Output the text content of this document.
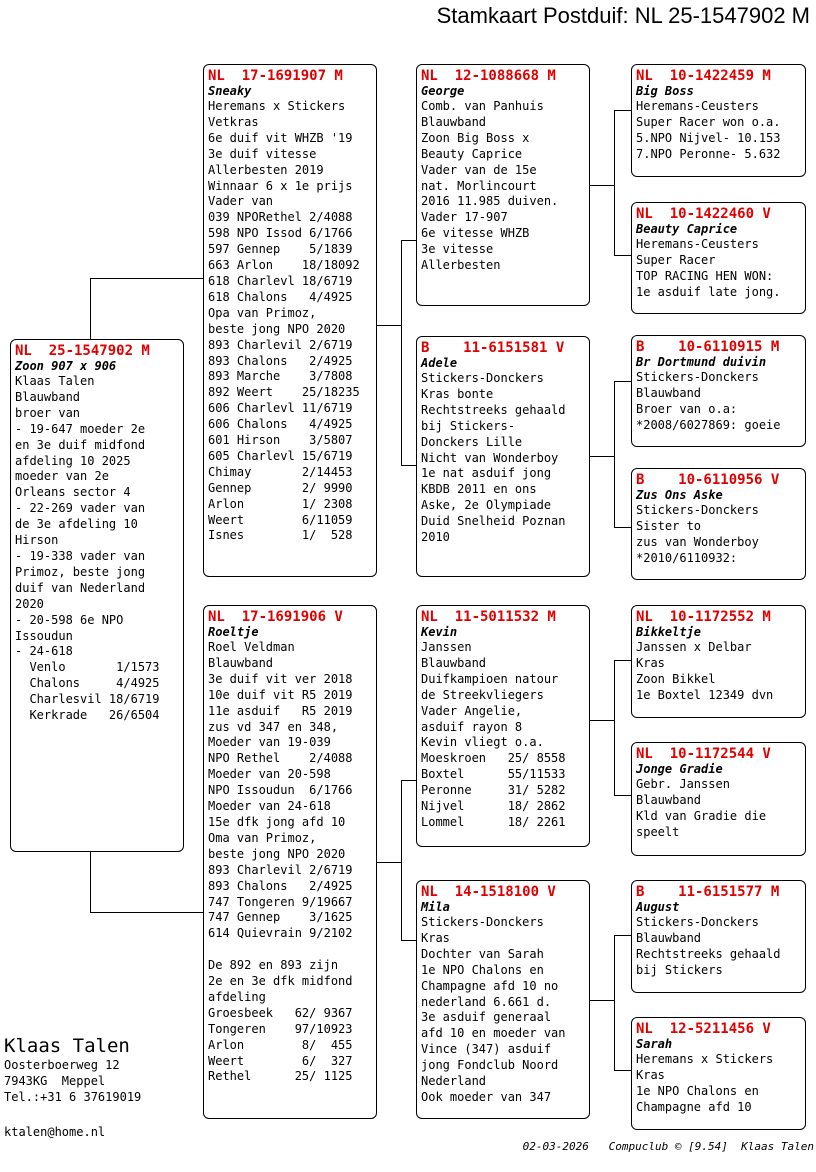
Stamkaart Postduif: NL 25-1547902 M
NL  25-1547902 M
Zoon 907 x 906
Klaas Talen
Blauwband
broer van
- 19-647 moeder 2e
en 3e duif midfond
afdeling 10 2025
moeder van 2e
Orleans sector 4
- 22-269 vader van
de 3e afdeling 10
Hirson
- 19-338 vader van
Primoz, beste jong
duif van Nederland
2020
- 20-598 6e NPO
Issoudun
- 24-618
Venlo       1/1573
Chalons     4/4925
Charlesvil 18/6719
Kerkrade   26/6504
NL  17-1691907 M
Sneaky
Heremans x Stickers
Vetkras
6e duif vit WHZB '19
3e duif vitesse
Allerbesten 2019
Winnaar 6 x 1e prijs
Vader van
039 NPORethel 2/4088
598 NPO Issod 6/1766
597 Gennep    5/1839
663 Arlon    18/18092
618 Charlevl 18/6719
618 Chalons   4/4925
Opa van Primoz,
beste jong NPO 2020
893 Charlevil 2/6719
893 Chalons   2/4925
893 Marche    3/7808
892 Weert    25/18235
606 Charlevl 11/6719
606 Chalons   4/4925
601 Hirson    3/5807
605 Charlevl 15/6719
Chimay       2/14453
Gennep       2/ 9990
Arlon        1/ 2308
Weert        6/11059
Isnes        1/  528
NL  17-1691906 V
Roeltje
Roel Veldman
Blauwband
3e duif vit ver 2018
10e duif vit R5 2019
11e asduif   R5 2019
zus vd 347 en 348,
Moeder van 19-039
NPO Rethel    2/4088
Moeder van 20-598
NPO Issoudun  6/1766
Moeder van 24-618
15e dfk jong afd 10
Oma van Primoz,
beste jong NPO 2020
893 Charlevil 2/6719
893 Chalons   2/4925
747 Tongeren 9/19667
747 Gennep    3/1625
614 Quievrain 9/2102

De 892 en 893 zijn
2e en 3e dfk midfond
afdeling
Groesbeek   62/ 9367
Tongeren    97/10923
Arlon        8/  455
Weert        6/  327
Rethel      25/ 1125
NL  12-1088668 M
George
Comb. van Panhuis
Blauwband
Zoon Big Boss x
Beauty Caprice
Vader van de 15e
nat. Morlincourt
2016 11.985 duiven.
Vader 17-907
6e vitesse WHZB
3e vitesse
Allerbesten
B    11-6151581 V
Adele
Stickers-Donckers
Kras bonte
Rechtstreeks gehaald
bij Stickers-
Donckers Lille
Nicht van Wonderboy
1e nat asduif jong
KBDB 2011 en ons
Aske, 2e Olympiade
Duid Snelheid Poznan
2010
NL  11-5011532 M
Kevin
Janssen
Blauwband
Duifkampioen natour
de Streekvliegers
Vader Angelie,
asduif rayon 8
Kevin vliegt o.a.
Moeskroen   25/ 8558
Boxtel      55/11533
Peronne     31/ 5282
Nijvel      18/ 2862
Lommel      18/ 2261
NL  14-1518100 V
Mila
Stickers-Donckers
Kras
Dochter van Sarah
1e NPO Chalons en
Champagne afd 10 no
nederland 6.661 d.
3e asduif generaal
afd 10 en moeder van
Vince (347) asduif
jong Fondclub Noord
Nederland
Ook moeder van 347
NL  10-1422459 M
Big Boss
Heremans-Ceusters
Super Racer won o.a.
5.NPO Nijvel- 10.153
7.NPO Peronne- 5.632
NL  10-1422460 V
Beauty Caprice
Heremans-Ceusters
Super Racer
TOP RACING HEN WON:
1e asduif late jong.
B    10-6110915 M
Br Dortmund duivin
Stickers-Donckers
Blauwband
Broer van o.a:
*2008/6027869: goeie
B    10-6110956 V
Zus Ons Aske
Stickers-Donckers
Sister to
zus van Wonderboy
*2010/6110932:
NL  10-1172552 M
Bikkeltje
Janssen x Delbar
Kras
Zoon Bikkel
1e Boxtel 12349 dvn
NL  10-1172544 V
Jonge Gradie
Gebr. Janssen
Blauwband
Kld van Gradie die
speelt
B    11-6151577 M
August
Stickers-Donckers
Blauwband
Rechtstreeks gehaald
bij Stickers
NL  12-5211456 V
Sarah
Heremans x Stickers
Kras
1e NPO Chalons en
Champagne afd 10
Klaas Talen
Oosterboerweg 12
7943KG  Meppel
Tel.:+31 6 37619019
ktalen@home.nl
02-03-2026   Compuclub © [9.54]  Klaas Talen
